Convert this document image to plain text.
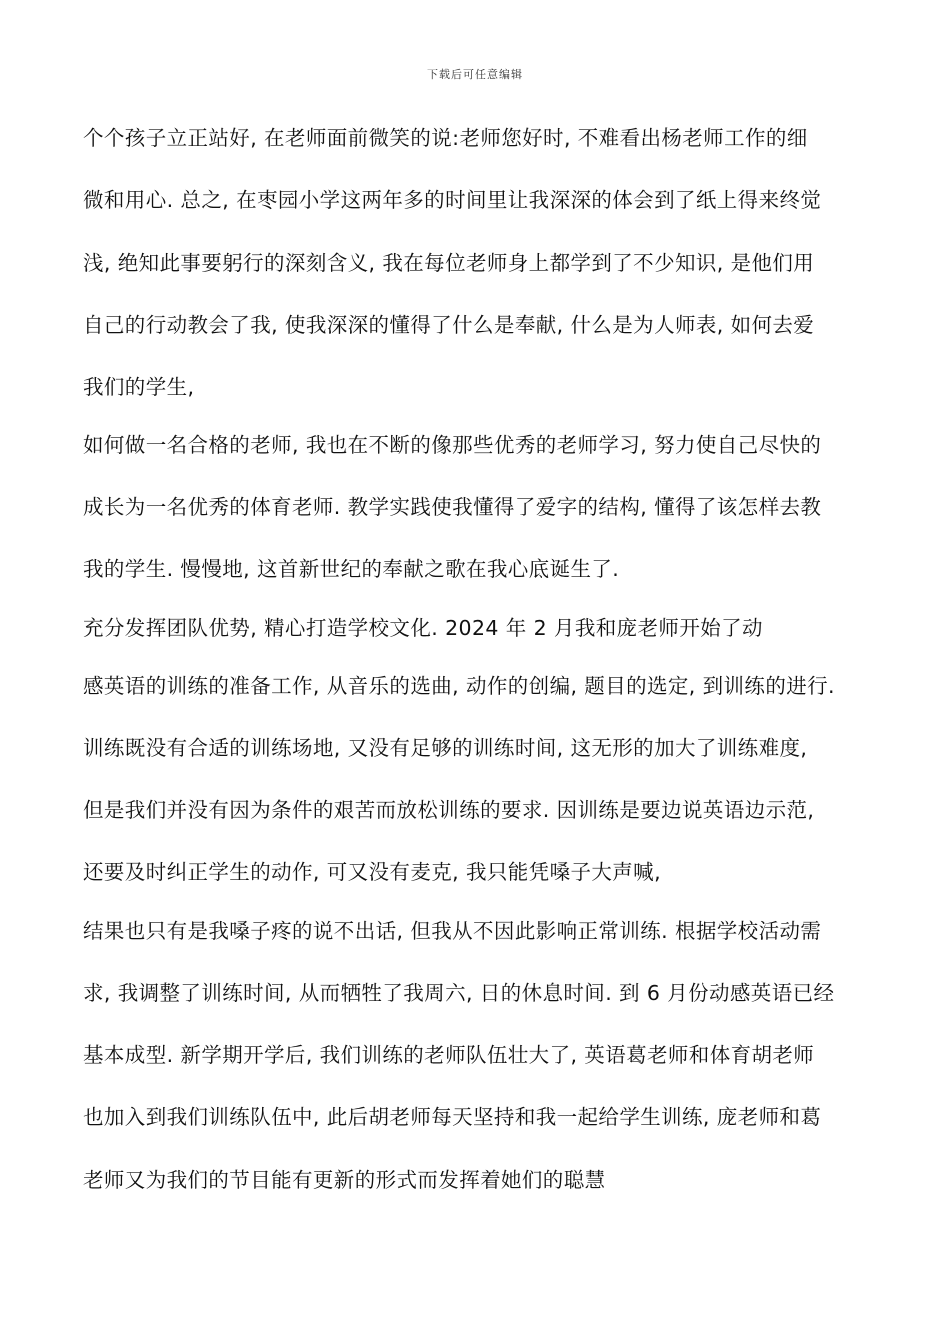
下载后可任意编辑
个个孩子立正站好, 在老师面前微笑的说:老师您好时, 不难看出杨老师工作的细
微和用心. 总之, 在枣园小学这两年多的时间里让我深深的体会到了纸上得来终觉
浅, 绝知此事要躬行的深刻含义, 我在每位老师身上都学到了不少知识, 是他们用
自己的行动教会了我, 使我深深的懂得了什么是奉献, 什么是为人师表, 如何去爱
我们的学生,
如何做一名合格的老师, 我也在不断的像那些优秀的老师学习, 努力使自己尽快的
成长为一名优秀的体育老师. 教学实践使我懂得了爱字的结构, 懂得了该怎样去教
我的学生. 慢慢地, 这首新世纪的奉献之歌在我心底诞生了.
充分发挥团队优势, 精心打造学校文化. 2024 年 2 月我和庞老师开始了动
感英语的训练的准备工作, 从音乐的选曲, 动作的创编, 题目的选定, 到训练的进行.
训练既没有合适的训练场地, 又没有足够的训练时间, 这无形的加大了训练难度,
但是我们并没有因为条件的艰苦而放松训练的要求. 因训练是要边说英语边示范,
还要及时纠正学生的动作, 可又没有麦克, 我只能凭嗓子大声喊,
结果也只有是我嗓子疼的说不出话, 但我从不因此影响正常训练. 根据学校活动需
求, 我调整了训练时间, 从而牺牲了我周六, 日的休息时间. 到 6 月份动感英语已经
基本成型. 新学期开学后, 我们训练的老师队伍壮大了, 英语葛老师和体育胡老师
也加入到我们训练队伍中, 此后胡老师每天坚持和我一起给学生训练, 庞老师和葛
老师又为我们的节目能有更新的形式而发挥着她们的聪慧
